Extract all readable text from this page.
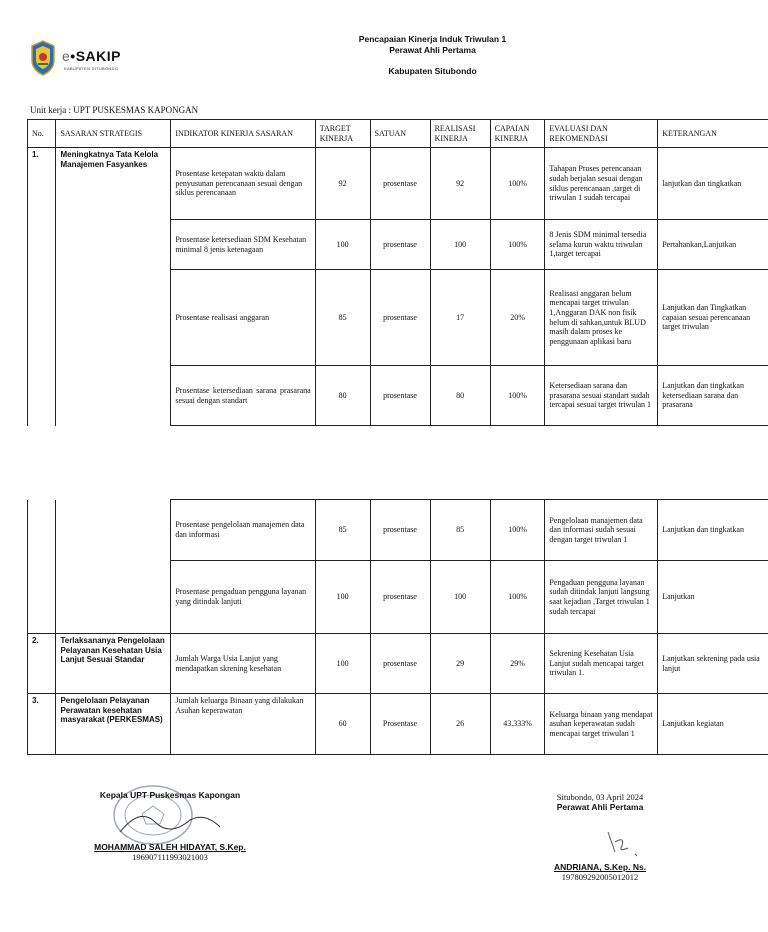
e•SAKIP
KABUPATEN SITUBONDO
Pencapaian Kinerja Induk Triwulan 1
Perawat Ahli Pertama
Kabupaten Situbondo
Unit kerja : UPT PUSKESMAS KAPONGAN
No.	SASARAN STRATEGIS	INDIKATOR KINERJA SASARAN	TARGET KINERJA	SATUAN	REALISASI KINERJA	CAPAIAN KINERJA	EVALUASI DAN REKOMENDASI	KETERANGAN
1.	Meningkatnya Tata Kelola Manajemen Fasyankes	Prosentase ketepatan waktu dalam penyusunan perencanaan sesuai dengan siklus perencanaan	92	prosentase	92	100%	Tahapan Proses perencanaan sudah berjalan sesuai dengan siklus perencanaan ,target di triwulan 1 sudah tercapai	lanjutkan dan tingkatkan
		Prosentase ketersediaan SDM Kesehatan minimal 8 jenis ketenagaan	100	prosentase	100	100%	8 Jenis SDM minimal tersedia selama kurun waktu triwulan 1,target tercapai	Pertahankan,Lanjutkan
		Prosentase realisasi anggaran	85	prosentase	17	20%	Realisasi anggaran belum mencapai target triwulan 1,Anggaran DAK non fisik belum di sahkan,untuk BLUD masih dalam proses ke penggunaan aplikasi baru	Lanjutkan dan Tingkatkan capaian sesuai perencanaan target triwulan
		Prosentase ketersediaan sarana prasarana sesuai dengan standart	80	prosentase	80	100%	Ketersediaan sarana dan prasarana sesuai standart sudah tercapai sesuai target triwulan 1	Lanjutkan dan tingkatkan ketersediaan sarana dan prasarana
		Prosentase pengelolaan manajemen data dan informasi	85	prosentase	85	100%	Pengelolaan manajemen data dan informasi sudah sesuai dengan target triwulan 1	Lanjutkan dan tingkatkan
		Prosentase pengaduan pengguna layanan yang ditindak lanjuti	100	prosentase	100	100%	Pengaduan pengguna layanan sudah ditindak lanjuti langsung saat kejadian ,Target triwulan 1 sudah tercapai	Lanjutkan
2.	Terlaksananya Pengelolaan Pelayanan Kesehatan Usia Lanjut Sesuai Standar	Jumlah Warga Usia Lanjut yang mendapatkan skrening kesehatan	100	prosentase	29	29%	Sekrening Kesehatan Usia Lanjut sudah mencapai target triwulan 1.	Lanjutkan sekrening pada usia lanjut
3.	Pengelolaan Pelayanan Perawatan kesehatan masyarakat (PERKESMAS)	Jumlah keluarga Binaan yang dilakukan Asuhan keperawatan	60	Prosentase	26	43.333%	Keluarga binaan yang mendapat asuhan keperawatan sudah mencapai target triwulan 1	Lanjutkan kegiatan
Kepala UPT Puskesmas Kapongan
MOHAMMAD SALEH HIDAYAT, S.Kep.
196907111993021003
Situbondo, 03 April 2024
Perawat Ahli Pertama
ANDRIANA, S.Kep. Ns.
197809292005012012
